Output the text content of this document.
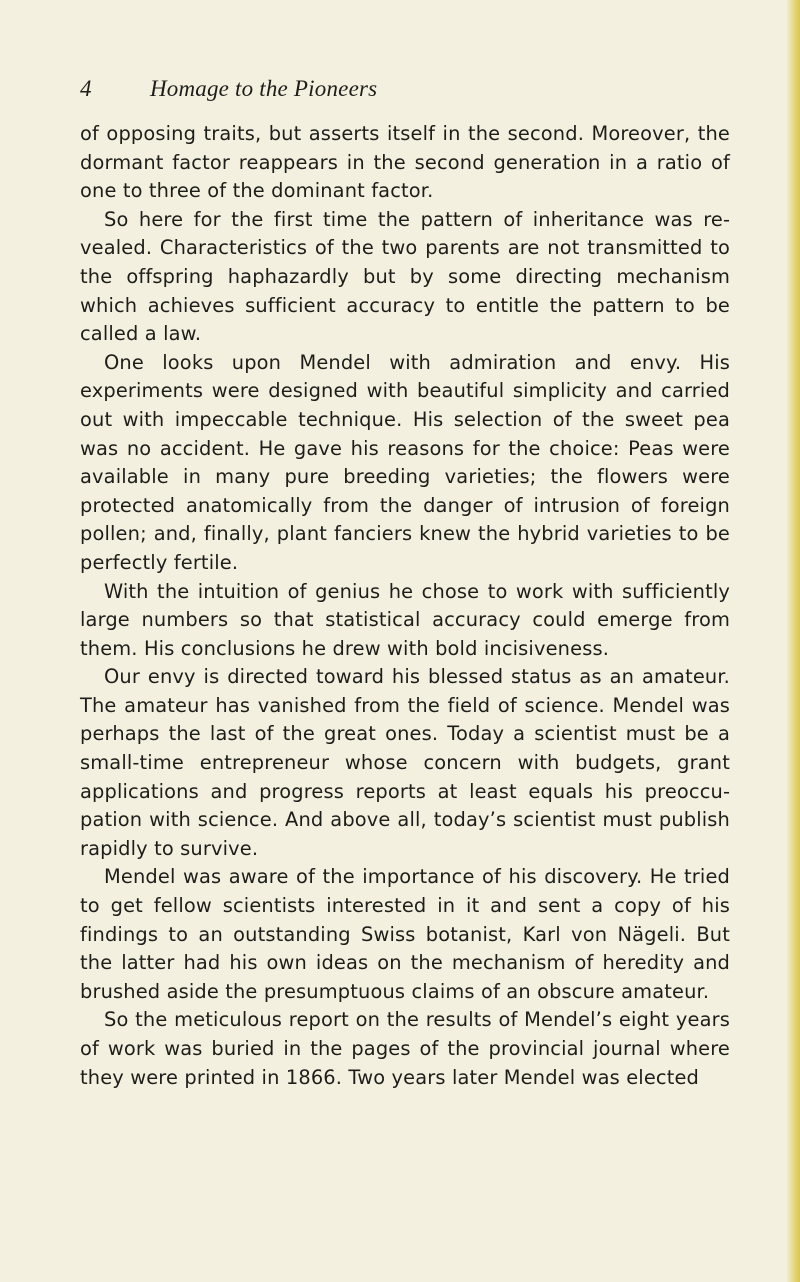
4	Homage to the Pioneers

of opposing traits, but asserts itself in the second. Moreover, the dormant factor reappears in the second generation in a ratio of one to three of the dominant factor.

So here for the first time the pattern of inheritance was revealed. Characteristics of the two parents are not transmitted to the offspring haphazardly but by some directing mechanism which achieves sufficient accuracy to entitle the pattern to be called a law.

One looks upon Mendel with admiration and envy. His experiments were designed with beautiful simplicity and carried out with impeccable technique. His selection of the sweet pea was no accident. He gave his reasons for the choice: Peas were available in many pure breeding varieties; the flowers were protected anatomically from the danger of intrusion of foreign pollen; and, finally, plant fanciers knew the hybrid varieties to be perfectly fertile.

With the intuition of genius he chose to work with sufficiently large numbers so that statistical accuracy could emerge from them. His conclusions he drew with bold incisiveness.

Our envy is directed toward his blessed status as an amateur. The amateur has vanished from the field of science. Mendel was perhaps the last of the great ones. Today a scientist must be a small-time entrepreneur whose concern with budgets, grant applications and progress reports at least equals his preoccupation with science. And above all, today’s scientist must publish rapidly to survive.

Mendel was aware of the importance of his discovery. He tried to get fellow scientists interested in it and sent a copy of his findings to an outstanding Swiss botanist, Karl von Nägeli. But the latter had his own ideas on the mechanism of heredity and brushed aside the presumptuous claims of an obscure amateur.

So the meticulous report on the results of Mendel’s eight years of work was buried in the pages of the provincial journal where they were printed in 1866. Two years later Mendel was elected
